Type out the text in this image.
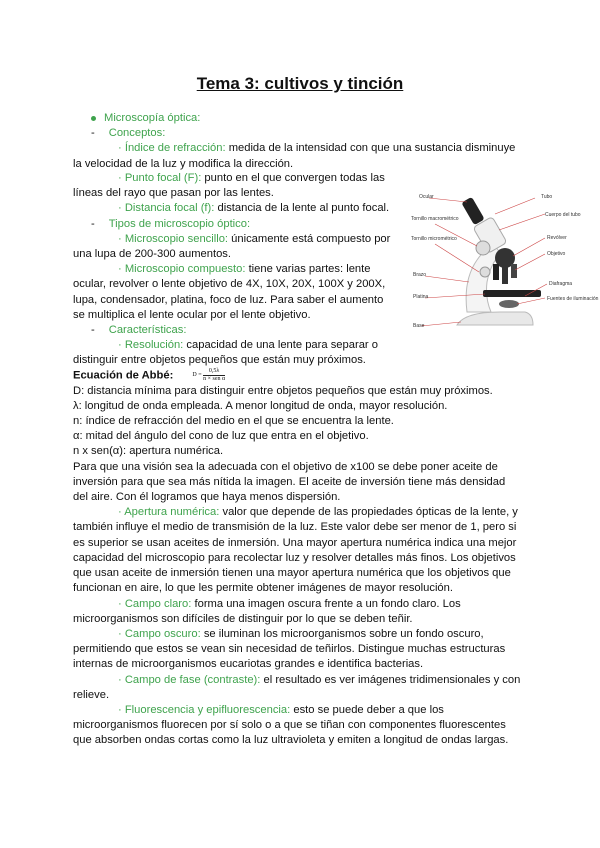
Tema 3: cultivos y tinción
Microscopía óptica:
- Conceptos:
· Índice de refracción: medida de la intensidad con que una sustancia disminuye la velocidad de la luz y modifica la dirección.
· Punto focal (F): punto en el que convergen todas las líneas del rayo que pasan por las lentes.
· Distancia focal (f): distancia de la lente al punto focal.
- Tipos de microscopio óptico:
· Microscopio sencillo: únicamente está compuesto por una lupa de 200-300 aumentos.
· Microscopio compuesto: tiene varias partes: lente ocular, revolver o lente objetivo de 4X, 10X, 20X, 100X y 200X, lupa, condensador, platina, foco de luz. Para saber el aumento se multiplica el lente ocular por el lente objetivo.
- Características:
· Resolución: capacidad de una lente para separar o distinguir entre objetos pequeños que están muy próximos.
Ocular
Tornillo macrométrico
Tornillo micrométrico
Brazo
Platina
Base
Tubo
Cuerpo del tubo
Revólver
Objetivo
Diafragma
Fuentes de iluminación
Ecuación de Abbé:	D =
0,5λ
n × sen α
D: distancia mínima para distinguir entre objetos pequeños que están muy próximos.
λ: longitud de onda empleada. A menor longitud de onda, mayor resolución.
n: índice de refracción del medio en el que se encuentra la lente.
α: mitad del ángulo del cono de luz que entra en el objetivo.
n x sen(α): apertura numérica.
Para que una visión sea la adecuada con el objetivo de x100 se debe poner aceite de inversión para que sea más nítida la imagen. El aceite de inversión tiene más densidad del aire. Con él logramos que haya menos dispersión.
· Apertura numérica: valor que depende de las propiedades ópticas de la lente, y también influye el medio de transmisión de la luz. Este valor debe ser menor de 1, pero si es superior se usan aceites de inmersión. Una mayor apertura numérica indica una mejor capacidad del microscopio para recolectar luz y resolver detalles más finos. Los objetivos que usan aceite de inmersión tienen una mayor apertura numérica que los objetivos que funcionan en aire, lo que les permite obtener imágenes de mayor resolución.
· Campo claro: forma una imagen oscura frente a un fondo claro. Los microorganismos son difíciles de distinguir por lo que se deben teñir.
· Campo oscuro: se iluminan los microorganismos sobre un fondo oscuro, permitiendo que estos se vean sin necesidad de teñirlos. Distingue muchas estructuras internas de microorganismos eucariotas grandes e identifica bacterias.
· Campo de fase (contraste): el resultado es ver imágenes tridimensionales y con relieve.
· Fluorescencia y epifluorescencia: esto se puede deber a que los microorganismos fluorecen por sí solo o a que se tiñan con componentes fluorescentes que absorben ondas cortas como la luz ultravioleta y emiten a longitud de ondas largas.
